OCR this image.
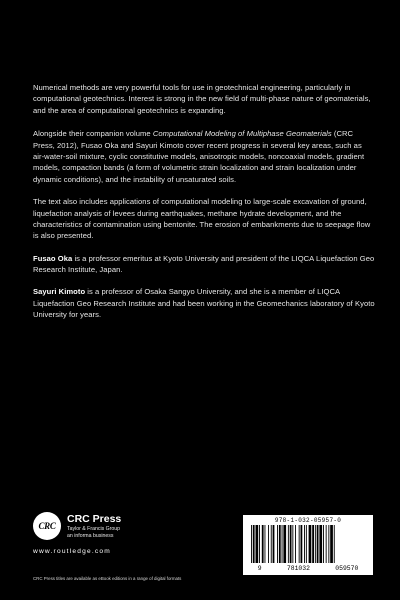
Numerical methods are very powerful tools for use in geotechnical engineering, particularly in computational geotechnics. Interest is strong in the new field of multi-phase nature of geomaterials, and the area of computational geotechnics is expanding.

Alongside their companion volume Computational Modeling of Multiphase Geomaterials (CRC Press, 2012), Fusao Oka and Sayuri Kimoto cover recent progress in several key areas, such as air-water-soil mixture, cyclic constitutive models, anisotropic models, noncoaxial models, gradient models, compaction bands (a form of volumetric strain localization and strain localization under dynamic conditions), and the instability of unsaturated soils.

The text also includes applications of computational modeling to large-scale excavation of ground, liquefaction analysis of levees during earthquakes, methane hydrate development, and the characteristics of contamination using bentonite. The erosion of embankments due to seepage flow is also presented.

Fusao Oka is a professor emeritus at Kyoto University and president of the LIQCA Liquefaction Geo Research Institute, Japan.

Sayuri Kimoto is a professor of Osaka Sangyo University, and she is a member of LIQCA Liquefaction Geo Research Institute and had been working in the Geomechanics laboratory of Kyoto University for years.

CRC
CRC Press
Taylor & Francis Group
an informa business
www.routledge.com
CRC Press titles are available as eBook editions in a range of digital formats
978-1-032-05957-0
9	781032	059570
